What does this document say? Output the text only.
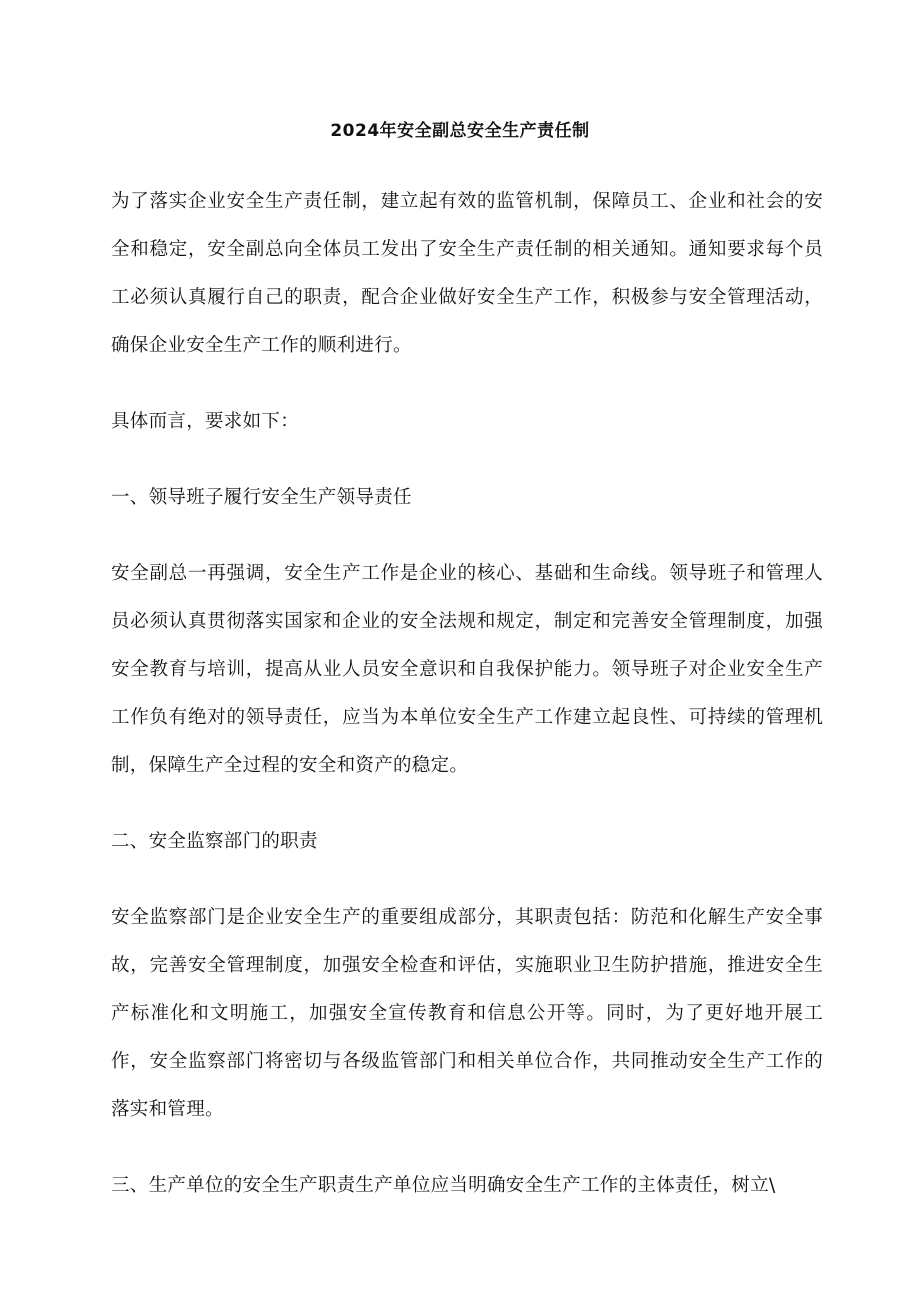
2024年安全副总安全生产责任制

为了落实企业安全生产责任制，建立起有效的监管机制，保障员工、企业和社会的安全和稳定，安全副总向全体员工发出了安全生产责任制的相关通知。通知要求每个员工必须认真履行自己的职责，配合企业做好安全生产工作，积极参与安全管理活动，确保企业安全生产工作的顺利进行。

具体而言，要求如下：

一、领导班子履行安全生产领导责任

安全副总一再强调，安全生产工作是企业的核心、基础和生命线。领导班子和管理人员必须认真贯彻落实国家和企业的安全法规和规定，制定和完善安全管理制度，加强安全教育与培训，提高从业人员安全意识和自我保护能力。领导班子对企业安全生产工作负有绝对的领导责任，应当为本单位安全生产工作建立起良性、可持续的管理机制，保障生产全过程的安全和资产的稳定。

二、安全监察部门的职责

安全监察部门是企业安全生产的重要组成部分，其职责包括：防范和化解生产安全事故，完善安全管理制度，加强安全检查和评估，实施职业卫生防护措施，推进安全生产标准化和文明施工，加强安全宣传教育和信息公开等。同时，为了更好地开展工作，安全监察部门将密切与各级监管部门和相关单位合作，共同推动安全生产工作的落实和管理。

三、生产单位的安全生产职责生产单位应当明确安全生产工作的主体责任，树立\
